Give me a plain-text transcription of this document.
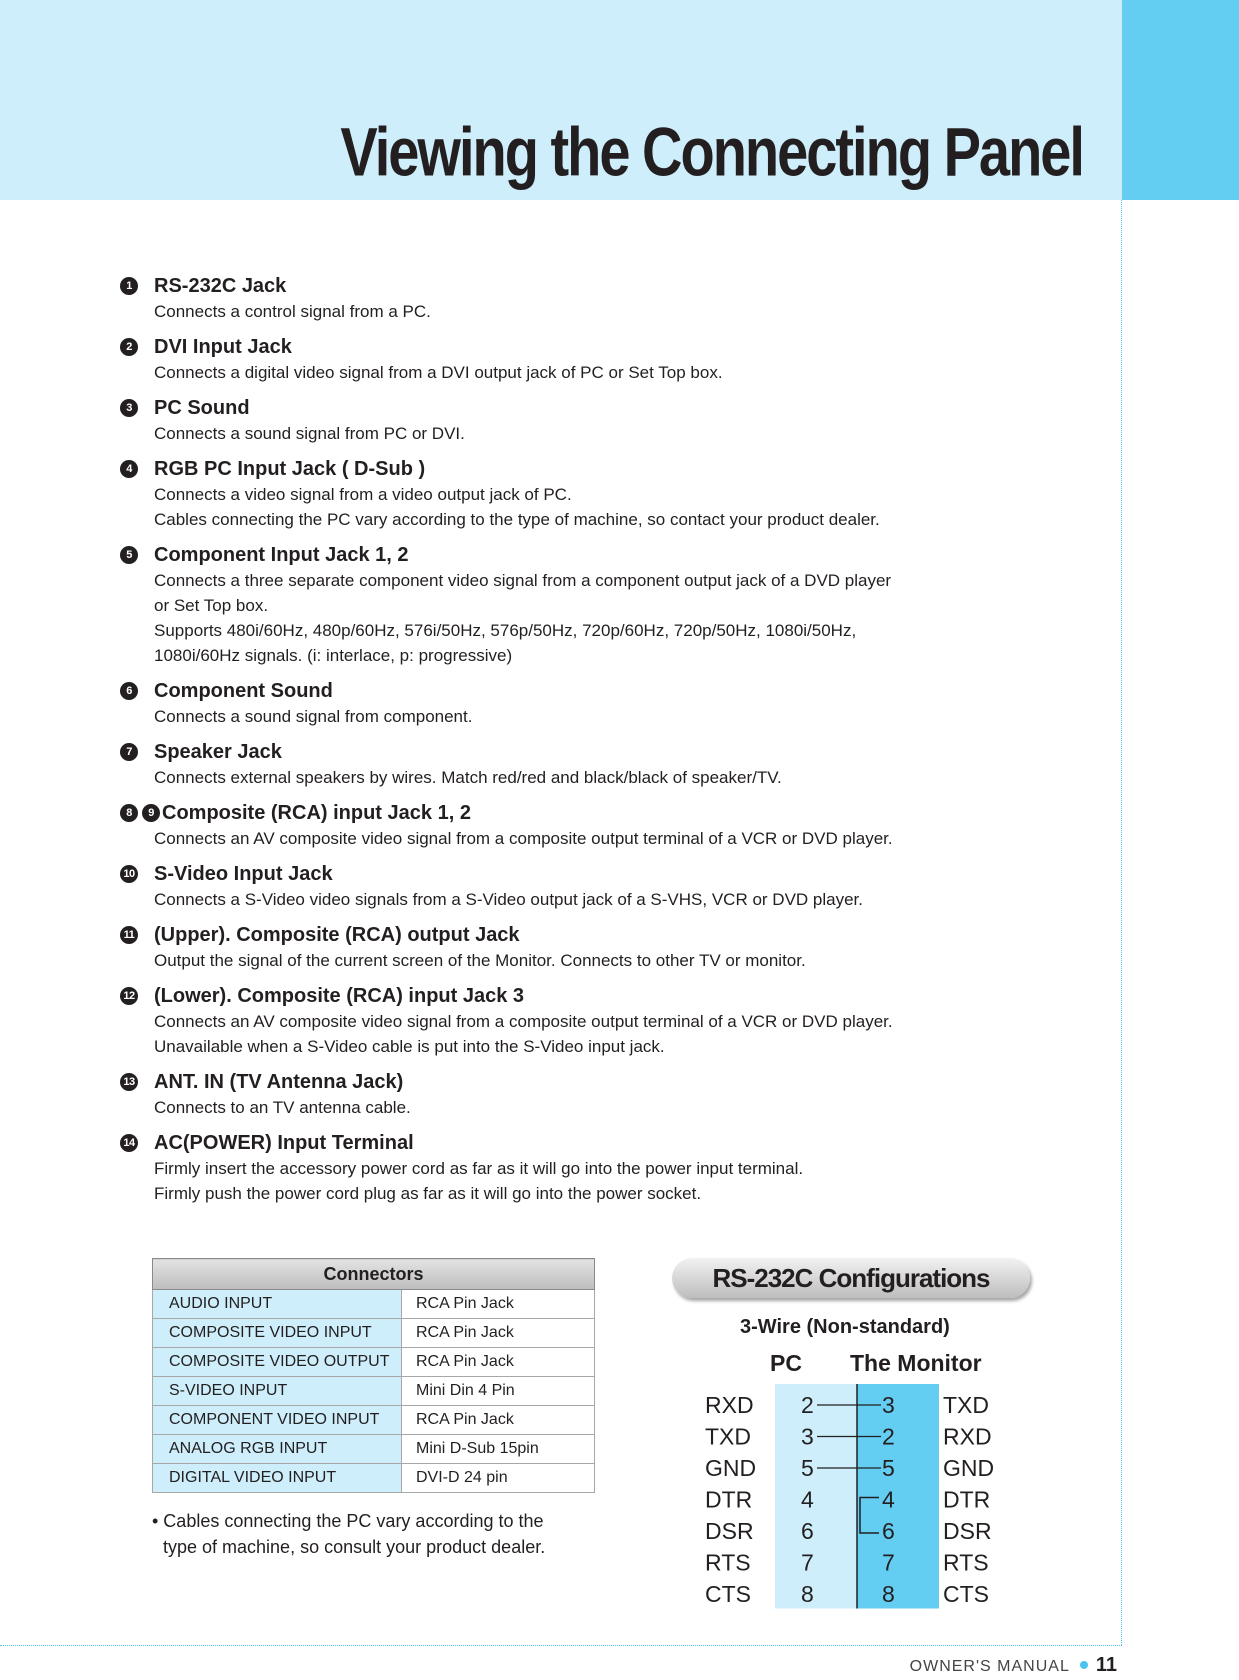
Viewing the Connecting Panel
1	RS-232C Jack
Connects a control signal from a PC.
2	DVI Input Jack
Connects a digital video signal from a DVI output jack of PC or Set Top box.
3	PC Sound
Connects a sound signal from PC or DVI.
4	RGB PC Input Jack ( D-Sub )
Connects a video signal from a video output jack of PC.
Cables connecting the PC vary according to the type of machine, so contact your product dealer.
5	Component Input Jack 1, 2
Connects a three separate component video signal from a component output jack of a DVD player
or Set Top box.
Supports 480i/60Hz, 480p/60Hz, 576i/50Hz, 576p/50Hz, 720p/60Hz, 720p/50Hz, 1080i/50Hz,
1080i/60Hz signals. (i: interlace, p: progressive)
6	Component Sound
Connects a sound signal from component.
7	Speaker Jack
Connects external speakers by wires. Match red/red and black/black of speaker/TV.
8	9 Composite (RCA) input Jack 1, 2
Connects an AV composite video signal from a composite output terminal of a VCR or DVD player.
10 S-Video Input Jack
Connects a S-Video video signals from a S-Video output jack of a S-VHS, VCR or DVD player.
11 (Upper). Composite (RCA) output Jack
Output the signal of the current screen of the Monitor. Connects to other TV or monitor.
12 (Lower). Composite (RCA) input Jack 3
Connects an AV composite video signal from a composite output terminal of a VCR or DVD player.
Unavailable when a S-Video cable is put into the S-Video input jack.
13 ANT. IN (TV Antenna Jack)
Connects to an TV antenna cable.
14 AC(POWER) Input Terminal
Firmly insert the accessory power cord as far as it will go into the power input terminal.
Firmly push the power cord plug as far as it will go into the power socket.
Connectors	
AUDIO INPUT	RCA Pin Jack
COMPOSITE VIDEO INPUT	RCA Pin Jack
COMPOSITE VIDEO OUTPUT	RCA Pin Jack
S-VIDEO INPUT	Mini Din 4 Pin
COMPONENT VIDEO INPUT	RCA Pin Jack
ANALOG RGB INPUT	Mini D-Sub 15pin
DIGITAL VIDEO INPUT	DVI-D 24 pin
• Cables connecting the PC vary according to the
type of machine, so consult your product dealer.
RS-232C Configurations
3-Wire (Non-standard)
PC The Monitor
RXD 2	3 TXD
TXD 3	2 RXD
GND 5	5 GND
DTR 4	4 DTR
DSR 6	6 DSR
RTS 7	7 RTS
CTS 8	8 CTS
OWNER'S MANUAL 11
